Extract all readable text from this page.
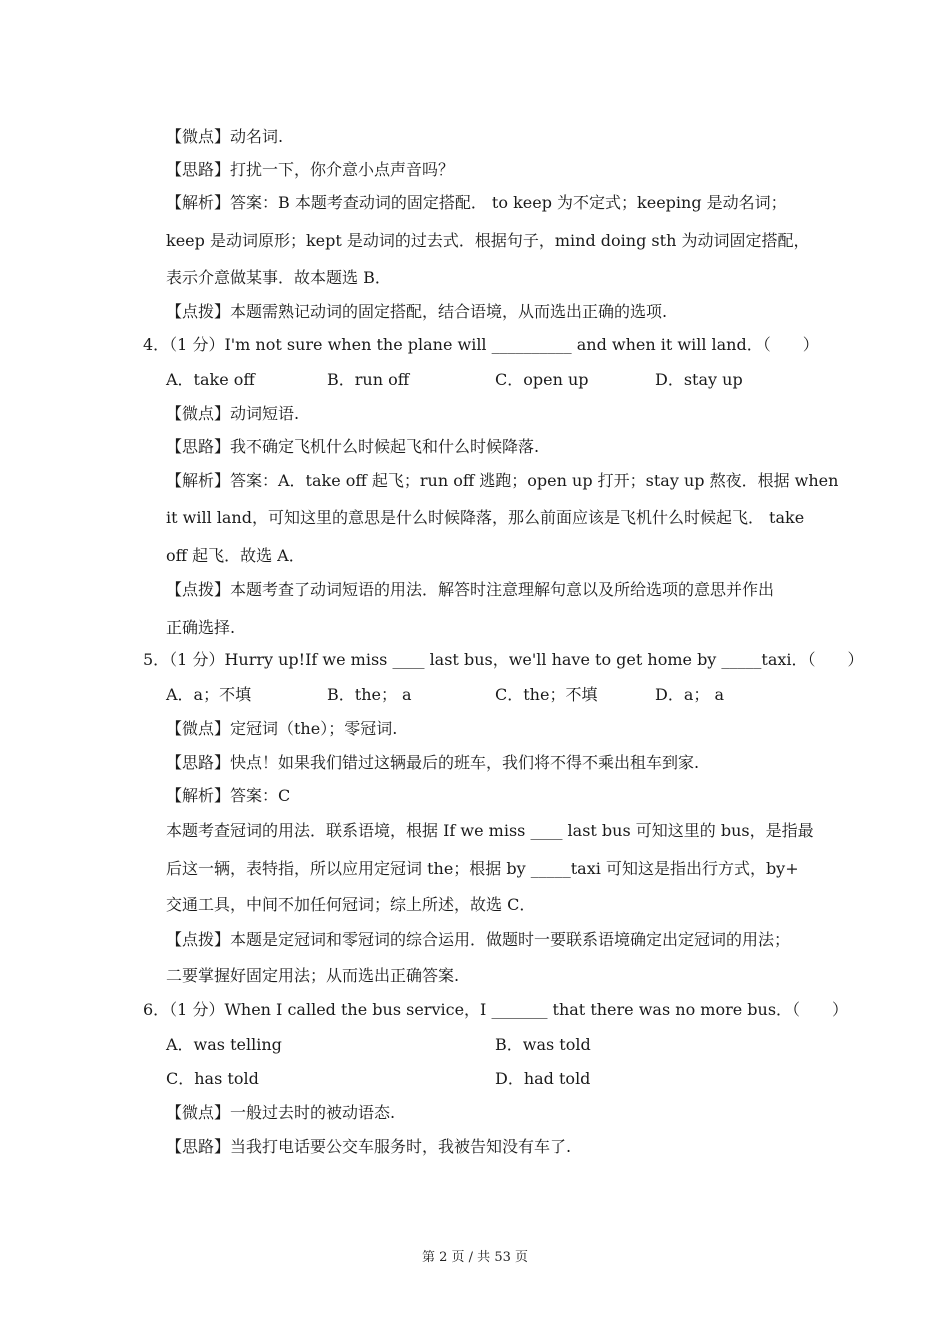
【微点】动名词.
【思路】打扰一下，你介意小点声音吗？
【解析】答案：B 本题考查动词的固定搭配． to keep 为不定式；keeping 是动名词；
keep 是动词原形；kept 是动词的过去式．根据句子，mind doing sth 为动词固定搭配，
表示介意做某事．故本题选 B．
【点拨】本题需熟记动词的固定搭配，结合语境，从而选出正确的选项.
4．（1 分）I'm not sure when the plane will __________ and when it will land．（　　）
A．take off	B．run off	C．open up	D．stay up
【微点】动词短语.
【思路】我不确定飞机什么时候起飞和什么时候降落.
【解析】答案：A．take off 起飞；run off 逃跑；open up 打开；stay up 熬夜．根据 when
it will land，可知这里的意思是什么时候降落，那么前面应该是飞机什么时候起飞． take
off 起飞．故选 A．
【点拨】本题考查了动词短语的用法．解答时注意理解句意以及所给选项的意思并作出
正确选择.
5．（1 分）Hurry up!If we miss ____ last bus，we'll have to get home by _____taxi．（　　）
A．a；不填	B．the； a	C．the；不填	D．a； a
【微点】定冠词（the）；零冠词.
【思路】快点！如果我们错过这辆最后的班车，我们将不得不乘出租车到家.
【解析】答案：C
本题考查冠词的用法．联系语境，根据 If we miss ____ last bus 可知这里的 bus，是指最
后这一辆，表特指，所以应用定冠词 the；根据 by _____taxi 可知这是指出行方式，by+
交通工具，中间不加任何冠词；综上所述，故选 C．
【点拨】本题是定冠词和零冠词的综合运用．做题时一要联系语境确定出定冠词的用法；
二要掌握好固定用法；从而选出正确答案.
6．（1 分）When I called the bus service，I _______ that there was no more bus．（　　）
A．was telling	B．was told
C．has told	D．had told
【微点】一般过去时的被动语态.
【思路】当我打电话要公交车服务时，我被告知没有车了.
第 2 页 / 共 53 页
